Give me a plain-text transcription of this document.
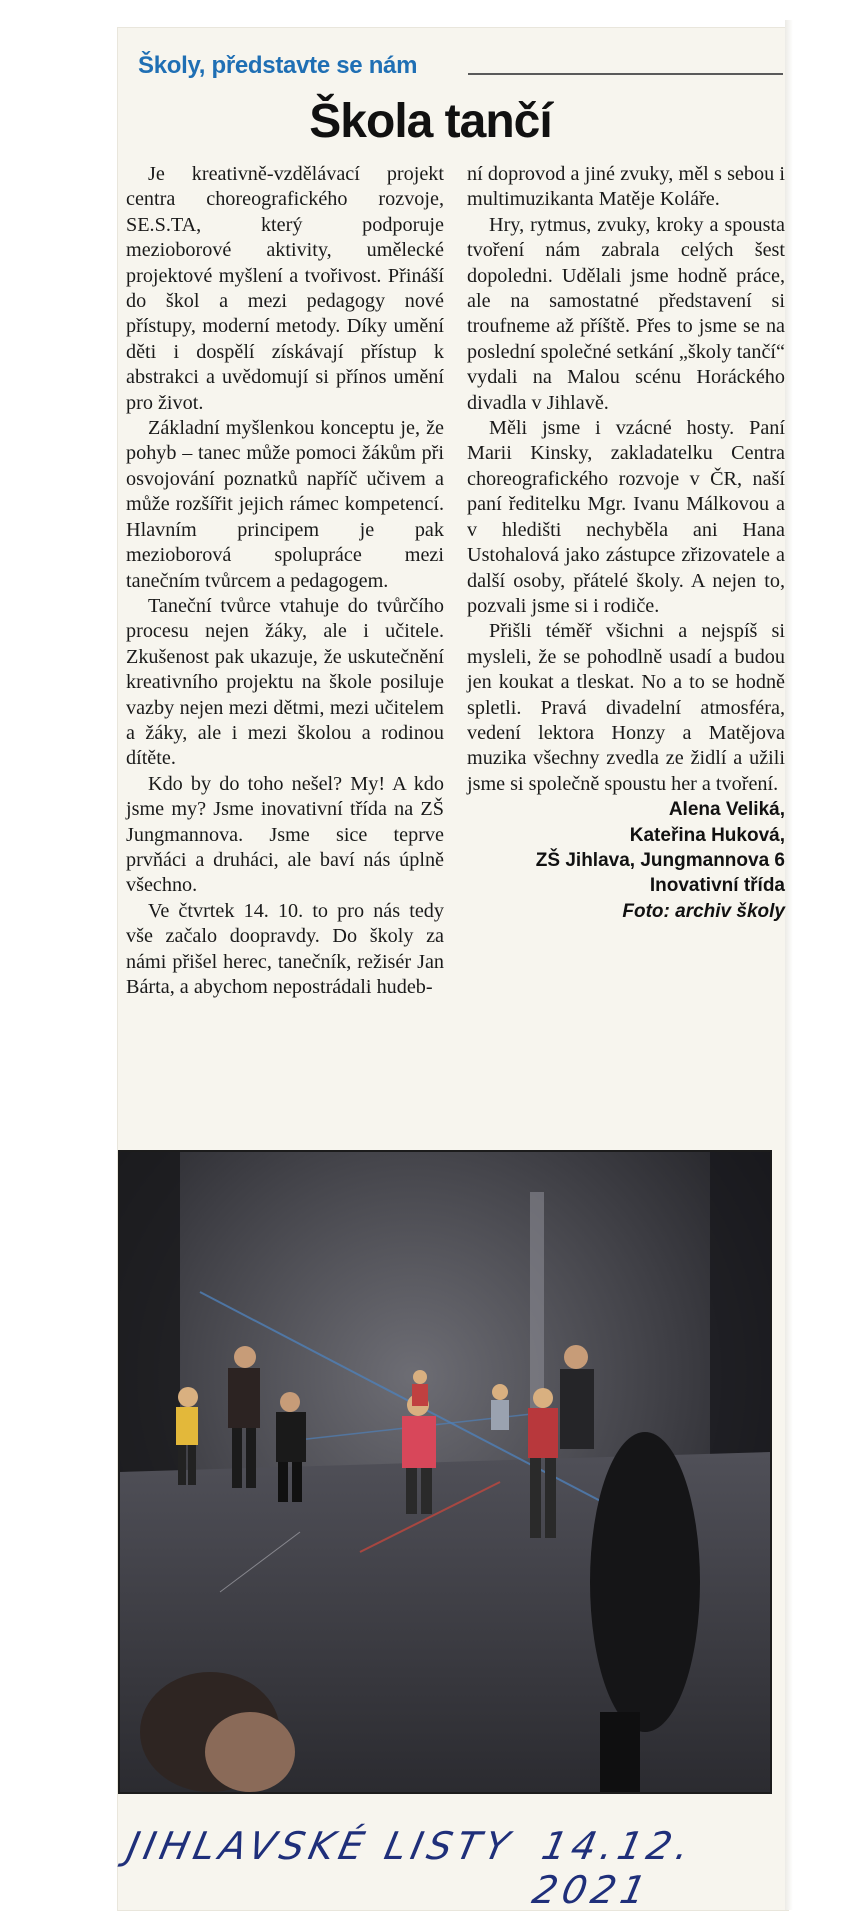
Školy, představte se nám
Škola tančí

Je kreativně-vzdělávací projekt centra choreografického rozvoje, SE.S.TA, který podporuje mezioborové aktivity, umělecké projektové myšlení a tvořivost. Přináší do škol a mezi pedagogy nové přístupy, moderní metody. Díky umění děti i dospělí získávají přístup k abstrakci a uvědomují si přínos umění pro život.

Základní myšlenkou konceptu je, že pohyb – tanec může pomoci žákům při osvojování poznatků napříč učivem a může rozšířit jejich rámec kompetencí. Hlavním principem je pak mezioborová spolupráce mezi tanečním tvůrcem a pedagogem.

Taneční tvůrce vtahuje do tvůrčího procesu nejen žáky, ale i učitele. Zkušenost pak ukazuje, že uskutečnění kreativního projektu na škole posiluje vazby nejen mezi dětmi, mezi učitelem a žáky, ale i mezi školou a rodinou dítěte.

Kdo by do toho nešel? My! A kdo jsme my? Jsme inovativní třída na ZŠ Jungmannova. Jsme sice teprve prvňáci a druháci, ale baví nás úplně všechno.

Ve čtvrtek 14. 10. to pro nás tedy vše začalo doopravdy. Do školy za námi přišel herec, tanečník, režisér Jan Bárta, a abychom nepostrádali hudeb-

ní doprovod a jiné zvuky, měl s sebou i multimuzikanta Matěje Koláře.

Hry, rytmus, zvuky, kroky a spousta tvoření nám zabrala celých šest dopoledni. Udělali jsme hodně práce, ale na samostatné představení si troufneme až příště. Přes to jsme se na poslední společné setkání „školy tančí“ vydali na Malou scénu Horáckého divadla v Jihlavě.

Měli jsme i vzácné hosty. Paní Marii Kinsky, zakladatelku Centra choreografického rozvoje v ČR, naší paní ředitelku Mgr. Ivanu Málkovou a v hledišti nechyběla ani Hana Ustohalová jako zástupce zřizovatele a další osoby, přátelé školy. A nejen to, pozvali jsme si i rodiče.

Přišli téměř všichni a nejspíš si mysleli, že se pohodlně usadí a budou jen koukat a tleskat. No a to se hodně spletli. Pravá divadelní atmosféra, vedení lektora Honzy a Matějova muzika všechny zvedla ze židlí a užili jsme si společně spoustu her a tvoření.

Alena Veliká,
Kateřina Huková,
ZŠ Jihlava, Jungmannova 6
Inovativní třída
Foto: archiv školy
JIHLAVSKÉ LISTY 14.12. 2021
